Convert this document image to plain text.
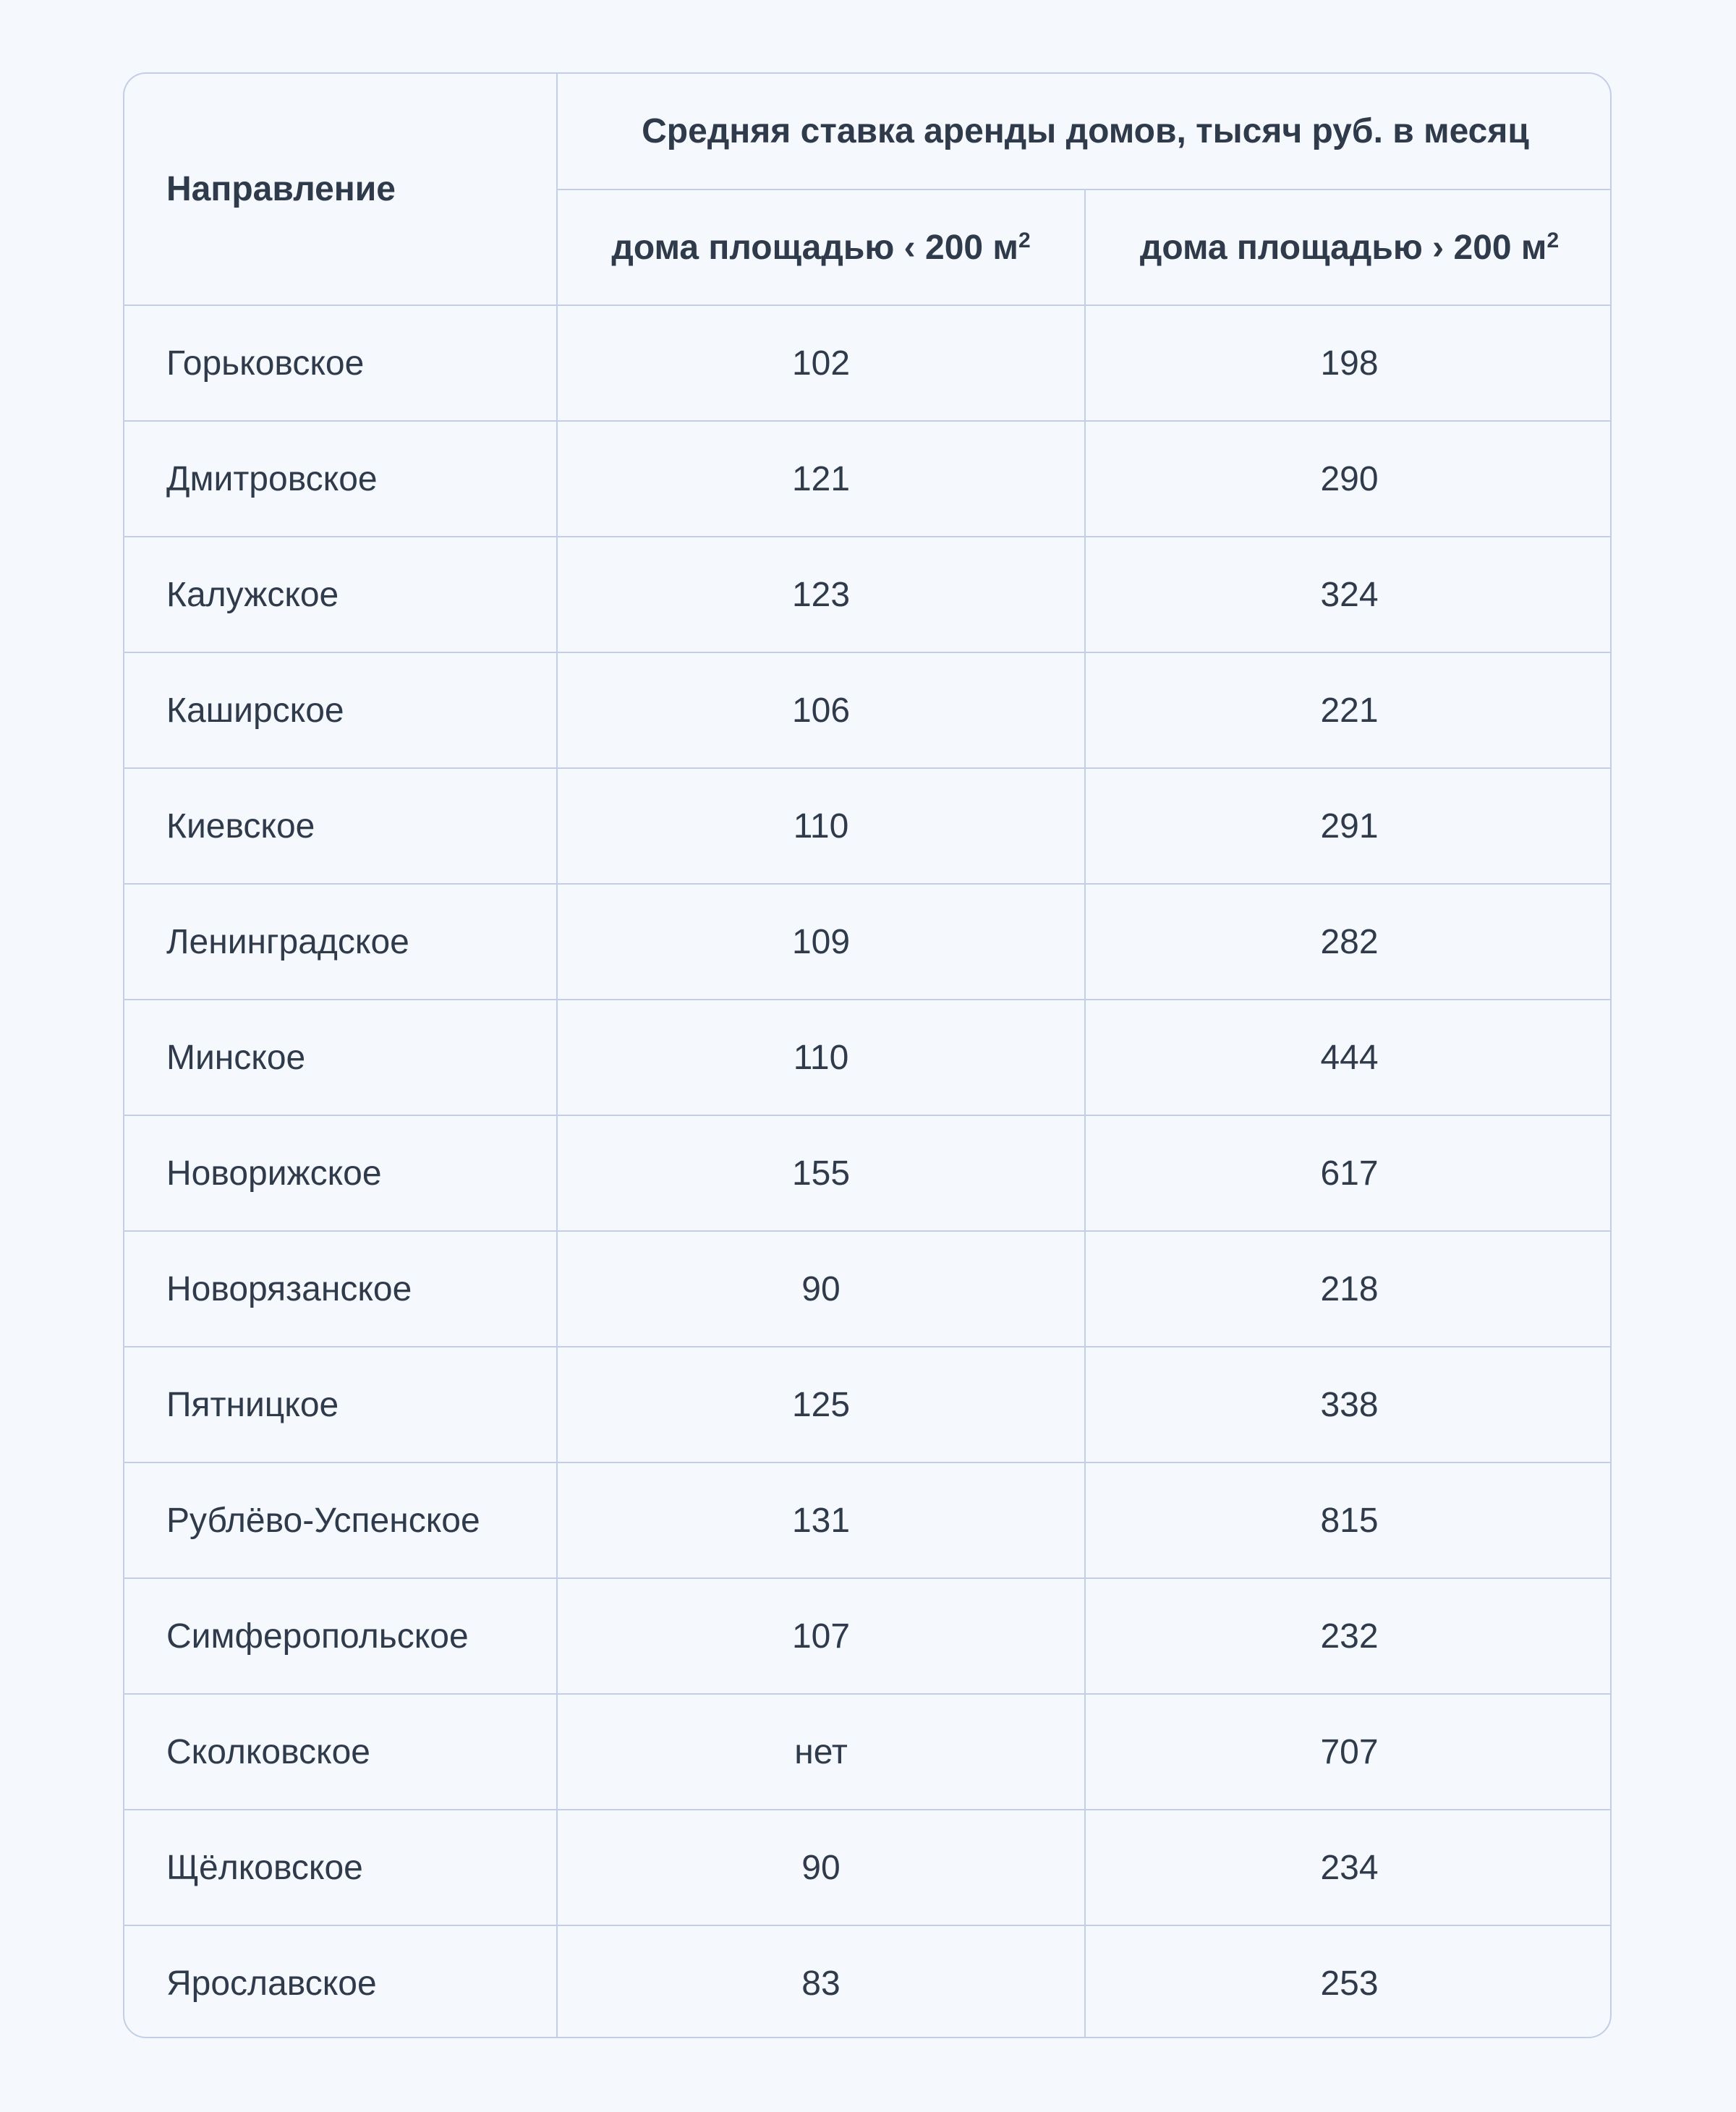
Направление	Средняя ставка аренды домов, тысяч руб. в месяц	
	дома площадью ‹ 200 $м^2$	дома площадью › 200 $м^2$
Горьковское	102	198
Дмитровское	121	290
Калужское	123	324
Каширское	106	221
Киевское	110	291
Ленинградское	109	282
Минское	110	444
Новорижское	155	617
Новорязанское	90	218
Пятницкое	125	338
Рублёво-Успенское	131	815
Симферопольское	107	232
Сколковское	нет	707
Щёлковское	90	234
Ярославское	83	253
